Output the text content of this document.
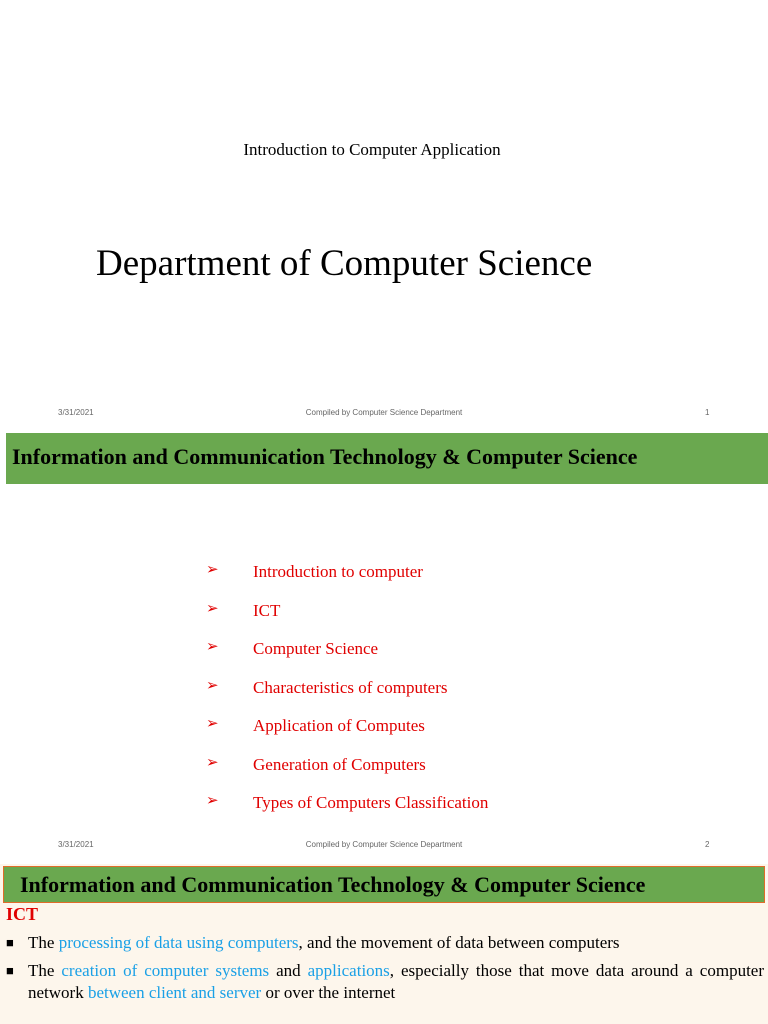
Introduction to Computer Application
Department of Computer Science
3/31/2021	Compiled by Computer Science Department	1
Information and Communication Technology & Computer Science
➢ Introduction to computer
➢ ICT
➢ Computer Science
➢ Characteristics of computers
➢ Application of Computes
➢ Generation of Computers
➢ Types of Computers Classification
3/31/2021	Compiled by Computer Science Department	2
Information and Communication Technology & Computer Science
ICT
■ The processing of data using computers, and the movement of data between computers
■ The creation of computer systems and applications, especially those that move data around a computer network between client and server or over the internet
